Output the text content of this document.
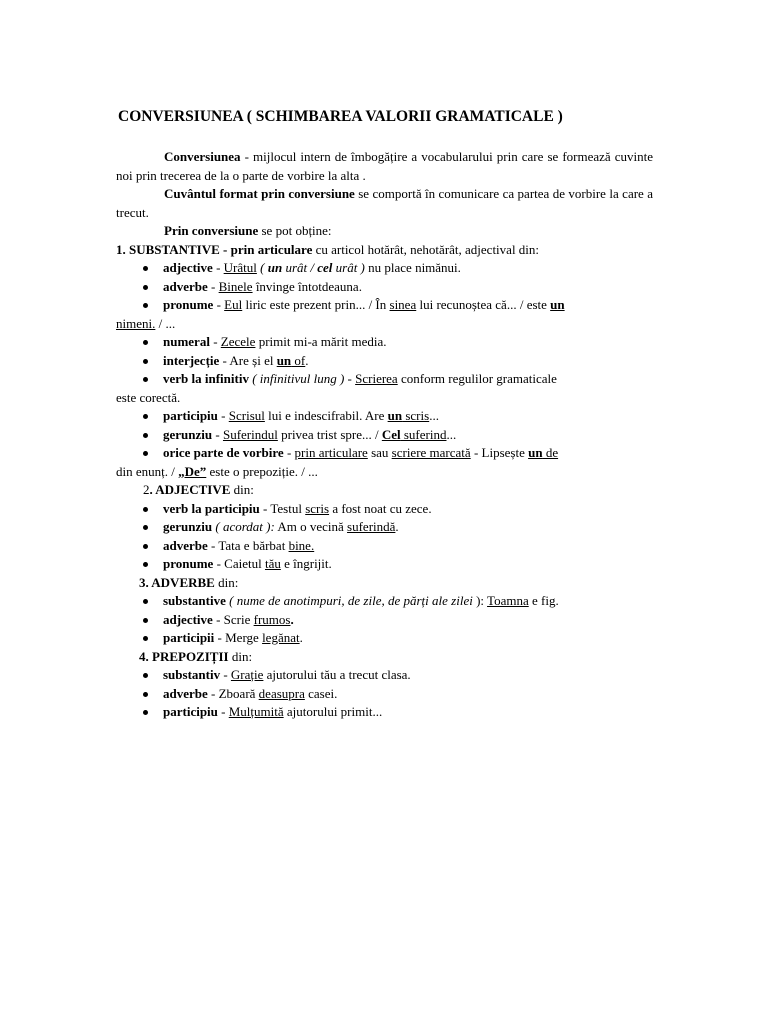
CONVERSIUNEA ( SCHIMBAREA VALORII GRAMATICALE )

Conversiunea - mijlocul intern de îmbogățire a vocabularului prin care se formează cuvinte noi prin trecerea de la o parte de vorbire la alta .

Cuvântul format prin conversiune se comportă în comunicare ca partea de vorbire la care a trecut.

Prin conversiune se pot obține:

1. SUBSTANTIVE - prin articulare cu articol hotărât, nehotărât, adjectival din:

adjective - Urâtul ( un urât / cel urât ) nu place nimănui.
adverbe - Binele învinge întotdeauna.
pronume - Eul liric este prezent prin... / În sinea lui recunoștea că... / este un
nimeni. / ...
numeral - Zecele primit mi-a mărit media.
interjecție - Are și el un of.
verb la infinitiv ( infinitivul lung ) - Scrierea conform regulilor gramaticale
este corectă.
participiu - Scrisul lui e indescifrabil. Are un scris...
gerunziu - Suferindul privea trist spre... / Cel suferind...
orice parte de vorbire - prin articulare sau scriere marcată - Lipsește un de
din enunț. / „De” este o prepoziție. / ...

2. ADJECTIVE din:

verb la participiu - Testul scris a fost noat cu zece.
gerunziu ( acordat ): Am o vecină suferindă.
adverbe - Tata e bărbat bine.
pronume - Caietul tău e îngrijit.

3. ADVERBE din:

substantive ( nume de anotimpuri, de zile, de părți ale zilei ): Toamna e fig.
adjective - Scrie frumos.
participii - Merge legănat.

4. PREPOZIȚII din:

substantiv - Grație ajutorului tău a trecut clasa.
adverbe - Zboară deasupra casei.
participiu - Mulțumită ajutorului primit...
